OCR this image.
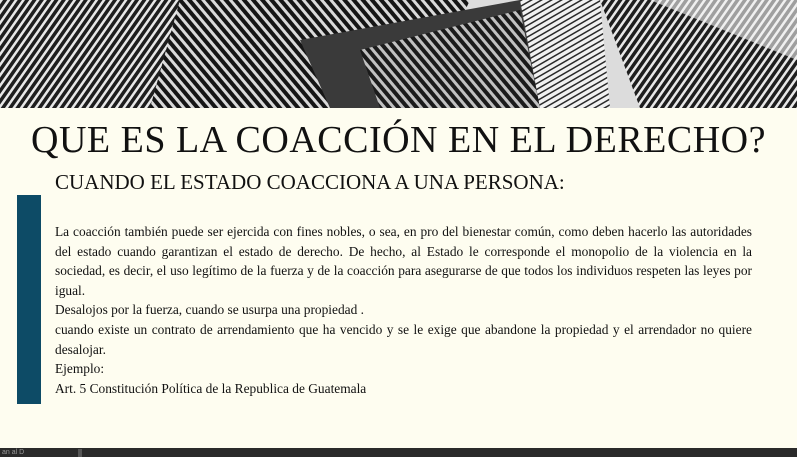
QUE ES LA COACCIÓN EN EL DERECHO?
CUANDO EL ESTADO COACCIONA A UNA PERSONA:

La coacción también puede ser ejercida con fines nobles, o sea, en pro del bienestar común, como deben hacerlo las autoridades del estado cuando garantizan el estado de derecho. De hecho, al Estado le corresponde el monopolio de la violencia en la sociedad, es decir, el uso legítimo de la fuerza y de la coacción para asegurarse de que todos los individuos respeten las leyes por igual.

Desalojos por la fuerza, cuando se usurpa una propiedad .

cuando existe un contrato de arrendamiento que ha vencido y se le exige que abandone la propiedad y el arrendador no quiere desalojar.

Ejemplo:

Art. 5 Constitución Política de la Republica de Guatemala

an al D
